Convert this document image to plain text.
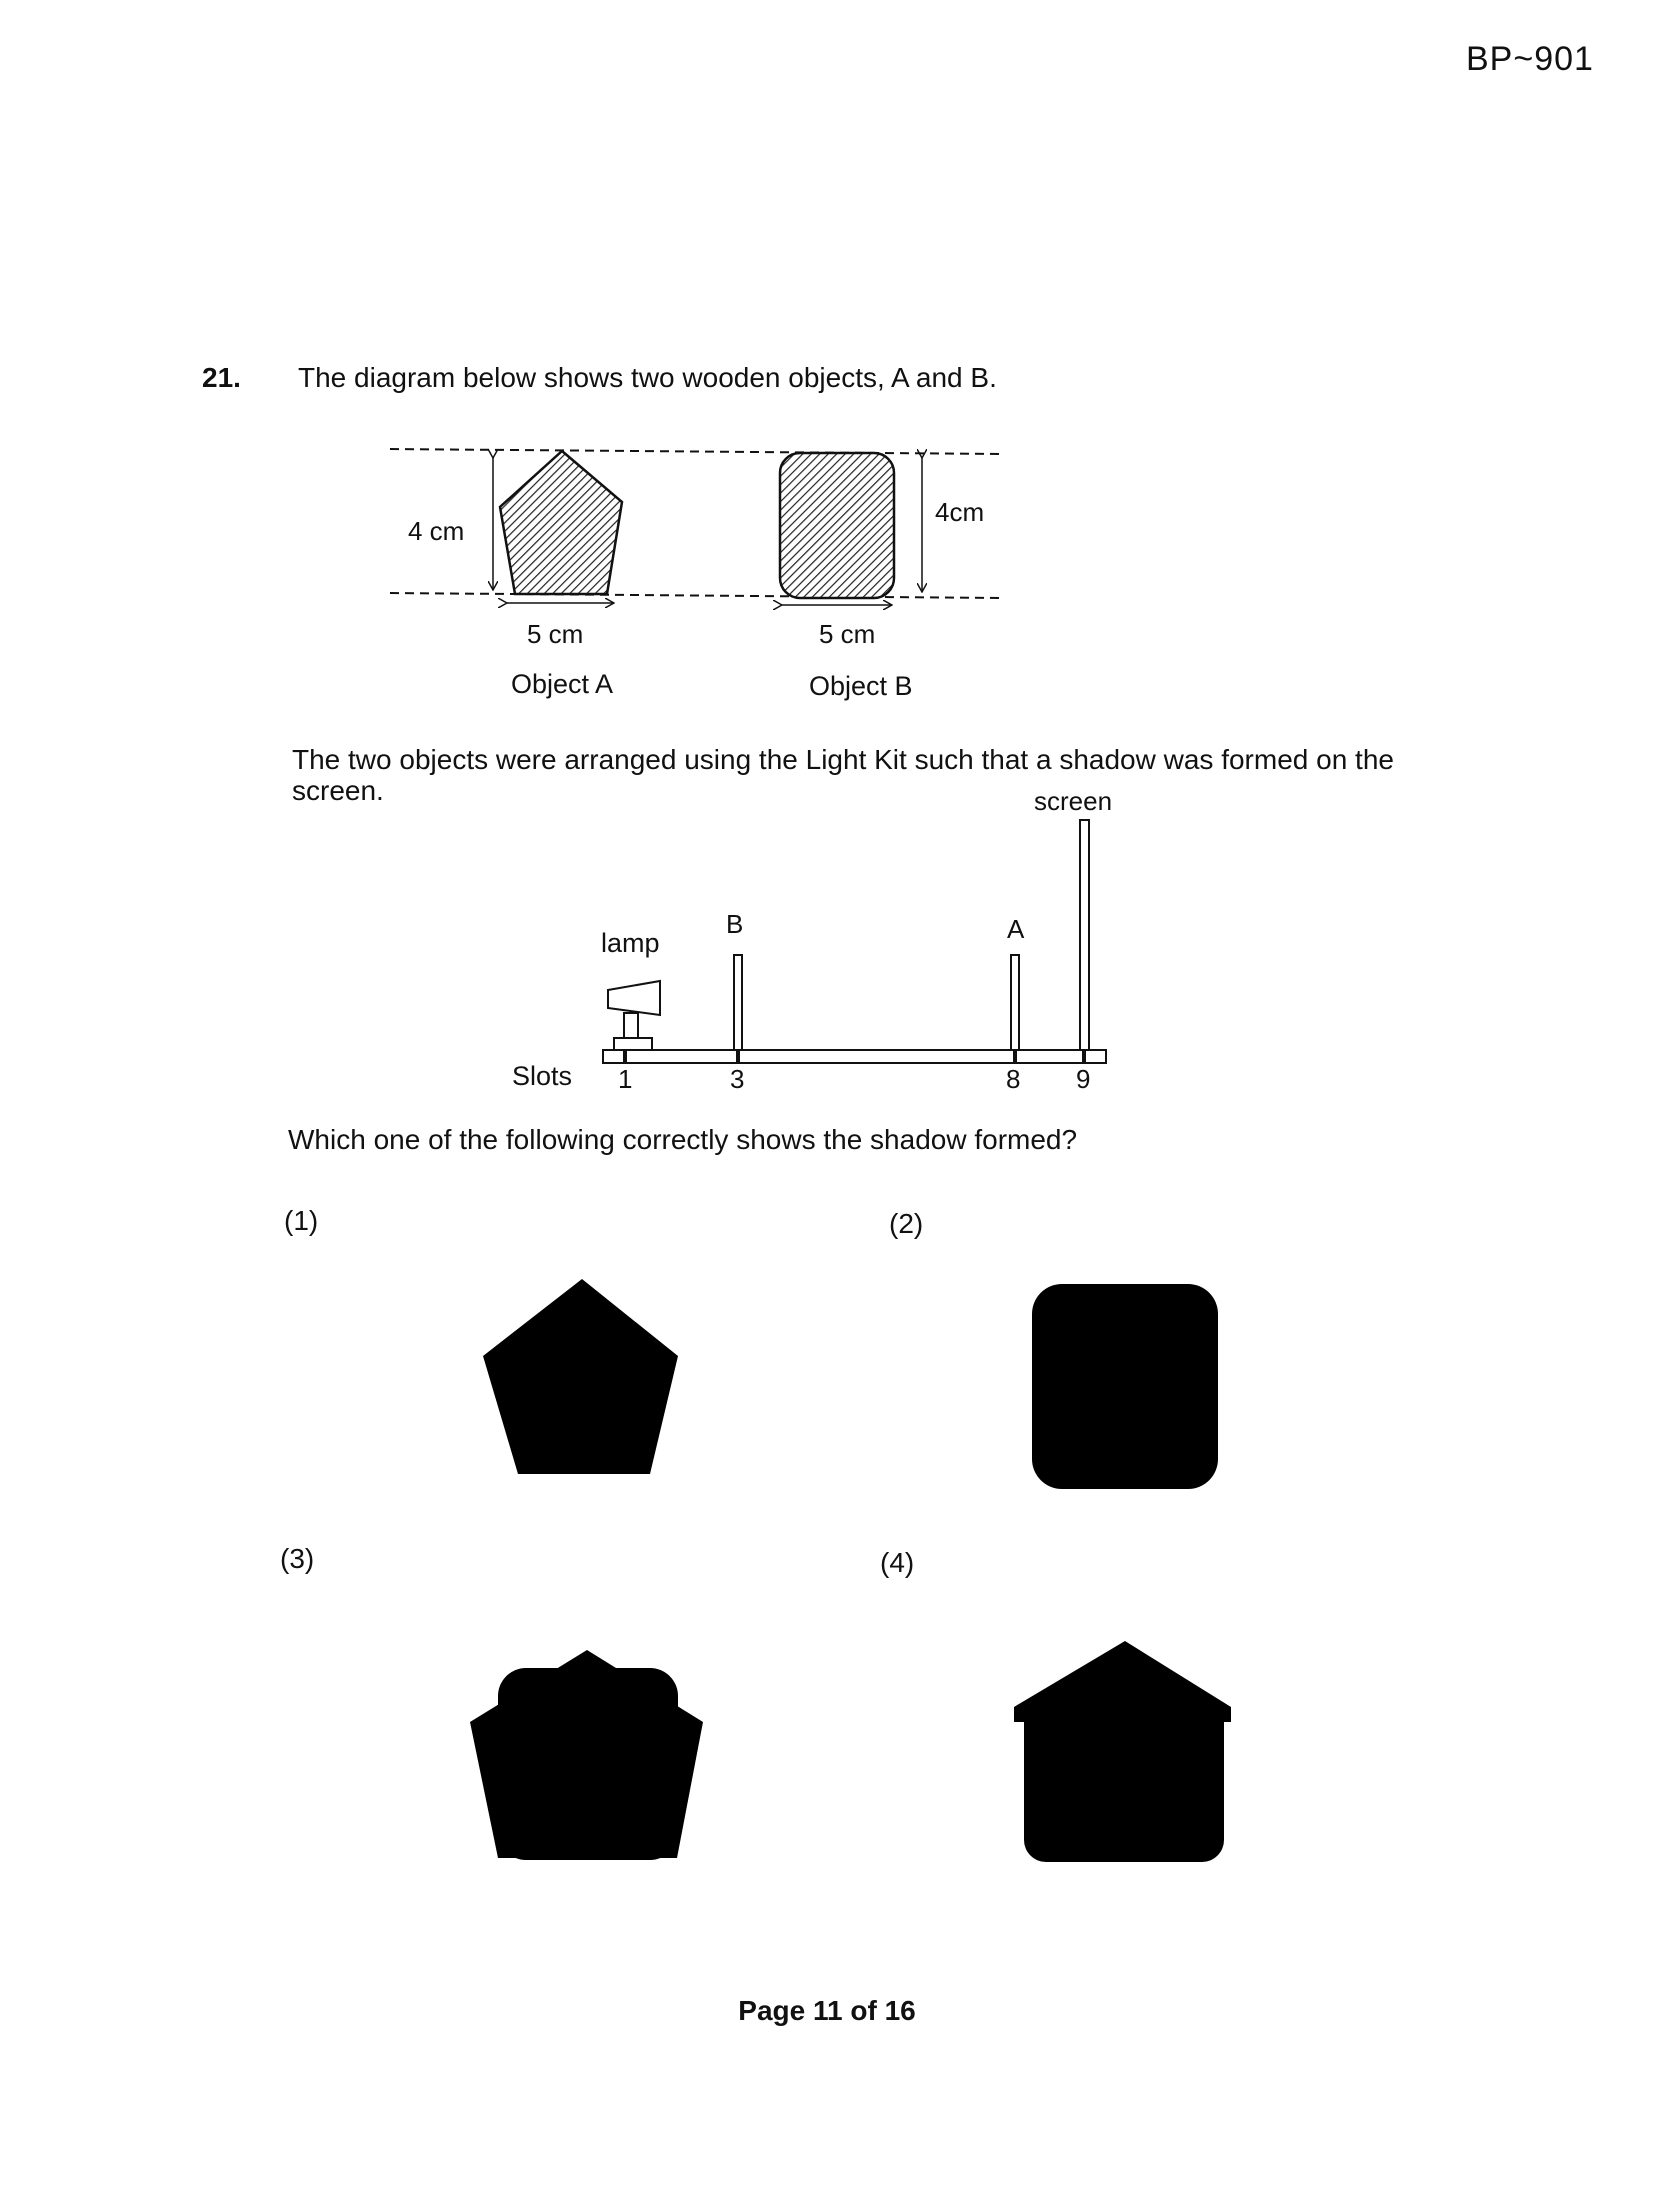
BP~901
21. The diagram below shows two wooden objects, A and B.
4 cm
5 cm
Object A
4cm
5 cm
Object B
The two objects were arranged using the Light Kit such that a shadow was formed on the screen.	screen
lamp
B	A
Slots 1	3	8 9
Which one of the following correctly shows the shadow formed?
(1)	(2)
(3)	(4)
Page 11 of 16
